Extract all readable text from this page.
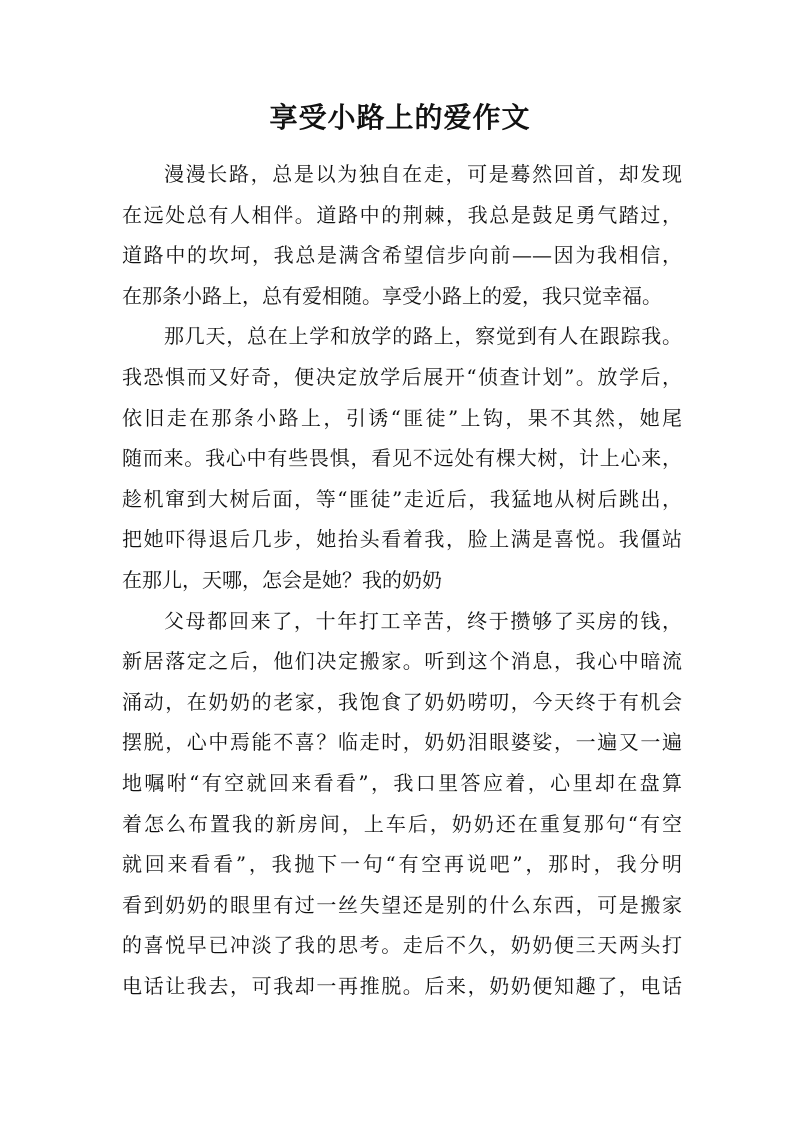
享受小路上的爱作文
漫漫长路，总是以为独自在走，可是蓦然回首，却发现
在远处总有人相伴。道路中的荆棘，我总是鼓足勇气踏过，
道路中的坎坷，我总是满含希望信步向前——因为我相信，
在那条小路上，总有爱相随。享受小路上的爱，我只觉幸福。
那几天，总在上学和放学的路上，察觉到有人在跟踪我。
我恐惧而又好奇，便决定放学后展开“侦查计划”。放学后，
依旧走在那条小路上，引诱“匪徒”上钩，果不其然，她尾
随而来。我心中有些畏惧，看见不远处有棵大树，计上心来，
趁机窜到大树后面，等“匪徒”走近后，我猛地从树后跳出，
把她吓得退后几步，她抬头看着我，脸上满是喜悦。我僵站
在那儿，天哪，怎会是她？我的奶奶
父母都回来了，十年打工辛苦，终于攒够了买房的钱，
新居落定之后，他们决定搬家。听到这个消息，我心中暗流
涌动，在奶奶的老家，我饱食了奶奶唠叨，今天终于有机会
摆脱，心中焉能不喜？临走时，奶奶泪眼婆娑，一遍又一遍
地嘱咐“有空就回来看看”，我口里答应着，心里却在盘算
着怎么布置我的新房间，上车后，奶奶还在重复那句“有空
就回来看看”，我抛下一句“有空再说吧”，那时，我分明
看到奶奶的眼里有过一丝失望还是别的什么东西，可是搬家
的喜悦早已冲淡了我的思考。走后不久，奶奶便三天两头打
电话让我去，可我却一再推脱。后来，奶奶便知趣了，电话
